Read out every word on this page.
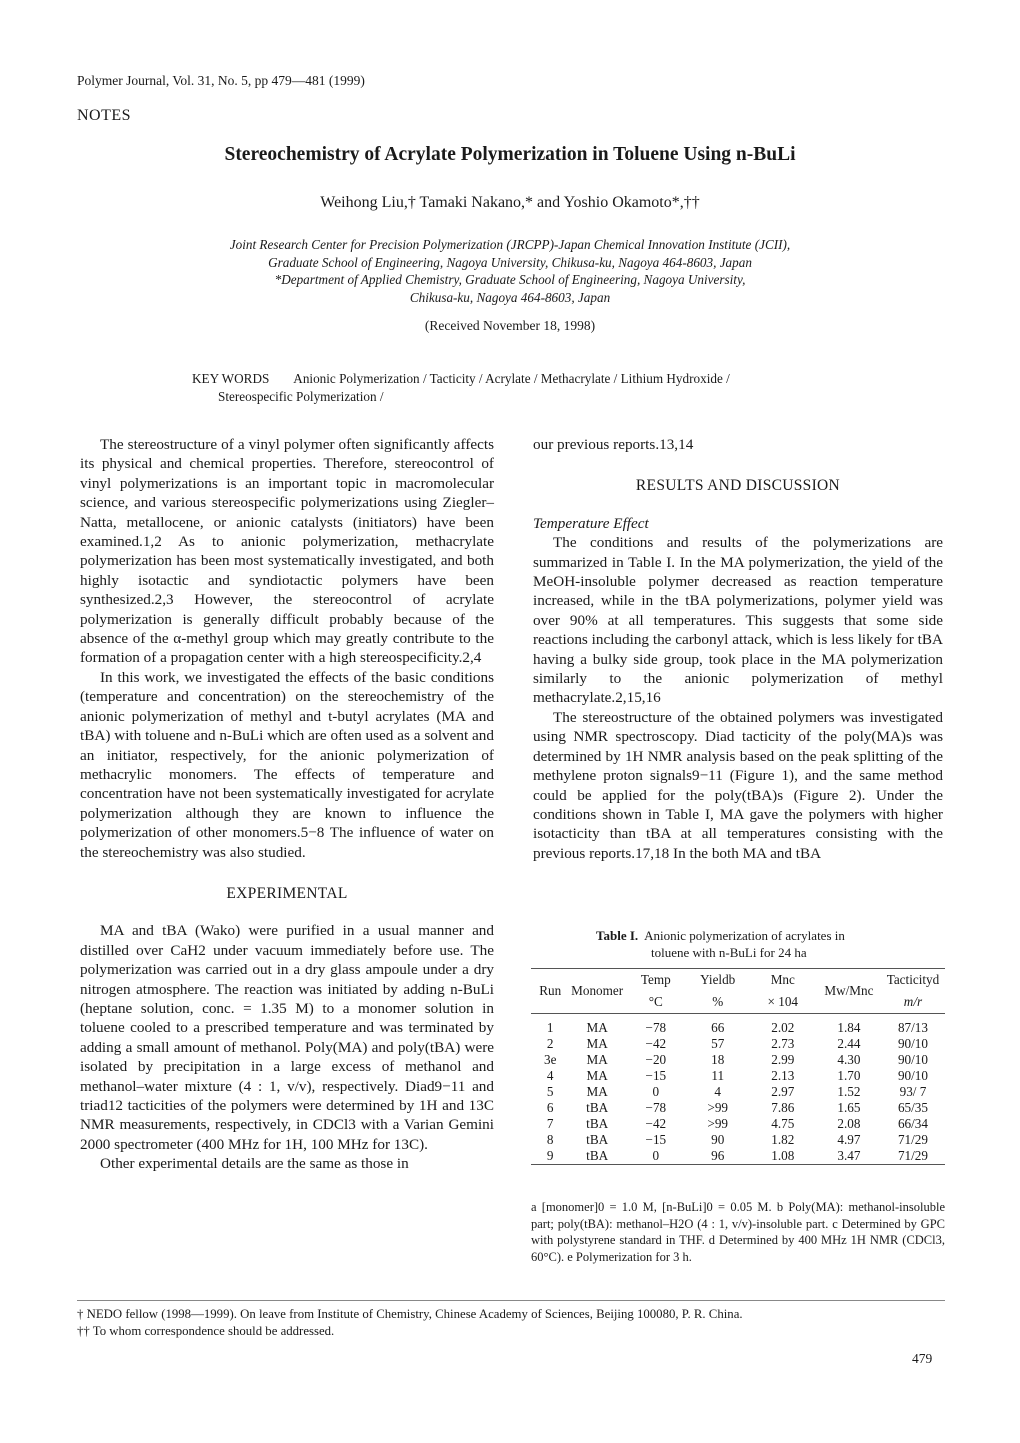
Polymer Journal, Vol. 31, No. 5, pp 479—481 (1999)
NOTES
Stereochemistry of Acrylate Polymerization in Toluene Using n-BuLi
Weihong Liu,† Tamaki Nakano,* and Yoshio Okamoto*,††
Joint Research Center for Precision Polymerization (JRCPP)-Japan Chemical Innovation Institute (JCII),
Graduate School of Engineering, Nagoya University, Chikusa-ku, Nagoya 464-8603, Japan
*Department of Applied Chemistry, Graduate School of Engineering, Nagoya University,
Chikusa-ku, Nagoya 464-8603, Japan
(Received November 18, 1998)
KEY WORDS Anionic Polymerization / Tacticity / Acrylate / Methacrylate / Lithium Hydroxide /
Stereospecific Polymerization /

The stereostructure of a vinyl polymer often significantly affects its physical and chemical properties. Therefore, stereocontrol of vinyl polymerizations is an important topic in macromolecular science, and various stereospecific polymerizations using Ziegler–Natta, metallocene, or anionic catalysts (initiators) have been examined.1,2 As to anionic polymerization, methacrylate polymerization has been most systematically investigated, and both highly isotactic and syndiotactic polymers have been synthesized.2,3 However, the stereocontrol of acrylate polymerization is generally difficult probably because of the absence of the α-methyl group which may greatly contribute to the formation of a propagation center with a high stereospecificity.2,4

In this work, we investigated the effects of the basic conditions (temperature and concentration) on the stereochemistry of the anionic polymerization of methyl and t-butyl acrylates (MA and tBA) with toluene and n-BuLi which are often used as a solvent and an initiator, respectively, for the anionic polymerization of methacrylic monomers. The effects of temperature and concentration have not been systematically investigated for acrylate polymerization although they are known to influence the polymerization of other monomers.5−8 The influence of water on the stereochemistry was also studied.

EXPERIMENTAL

MA and tBA (Wako) were purified in a usual manner and distilled over CaH2 under vacuum immediately before use. The polymerization was carried out in a dry glass ampoule under a dry nitrogen atmosphere. The reaction was initiated by adding n-BuLi (heptane solution, conc. = 1.35 M) to a monomer solution in toluene cooled to a prescribed temperature and was terminated by adding a small amount of methanol. Poly(MA) and poly(tBA) were isolated by precipitation in a large excess of methanol and methanol–water mixture (4 : 1, v/v), respectively. Diad9−11 and triad12 tacticities of the polymers were determined by 1H and 13C NMR measurements, respectively, in CDCl3 with a Varian Gemini 2000 spectrometer (400 MHz for 1H, 100 MHz for 13C).

Other experimental details are the same as those in

our previous reports.13,14
RESULTS AND DISCUSSION
Temperature Effect

The conditions and results of the polymerizations are summarized in Table I. In the MA polymerization, the yield of the MeOH-insoluble polymer decreased as reaction temperature increased, while in the tBA polymerizations, polymer yield was over 90% at all temperatures. This suggests that some side reactions including the carbonyl attack, which is less likely for tBA having a bulky side group, took place in the MA polymerization similarly to the anionic polymerization of methyl methacrylate.2,15,16

The stereostructure of the obtained polymers was investigated using NMR spectroscopy. Diad tacticity of the poly(MA)s was determined by 1H NMR analysis based on the peak splitting of the methylene proton signals9−11 (Figure 1), and the same method could be applied for the poly(tBA)s (Figure 2). Under the conditions shown in Table I, MA gave the polymers with higher isotacticity than tBA at all temperatures consisting with the previous reports.17,18 In the both MA and tBA

Table I. Anionic polymerization of acrylates in
toluene with n-BuLi for 24 ha
Run	Monomer	Temp	Yieldb	Mnc	Mw/Mnc	Tacticityd
		°C	%	× 104		m/r

1	MA	−78	66	2.02	1.84	87/13
2	MA	−42	57	2.73	2.44	90/10
3e	MA	−20	18	2.99	4.30	90/10
4	MA	−15	11	2.13	1.70	90/10
5	MA	0	4	2.97	1.52	93/ 7
6	tBA	−78	>99	7.86	1.65	65/35
7	tBA	−42	>99	4.75	2.08	66/34
8	tBA	−15	90	1.82	4.97	71/29
9	tBA	0	96	1.08	3.47	71/29
a [monomer]0 = 1.0 M, [n-BuLi]0 = 0.05 M. b Poly(MA): methanol-insoluble part; poly(tBA): methanol–H2O (4 : 1, v/v)-insoluble part. c Determined by GPC with polystyrene standard in THF. d Determined by 400 MHz 1H NMR (CDCl3, 60°C). e Polymerization for 3 h.
† NEDO fellow (1998—1999). On leave from Institute of Chemistry, Chinese Academy of Sciences, Beijing 100080, P. R. China.
†† To whom correspondence should be addressed.
479
